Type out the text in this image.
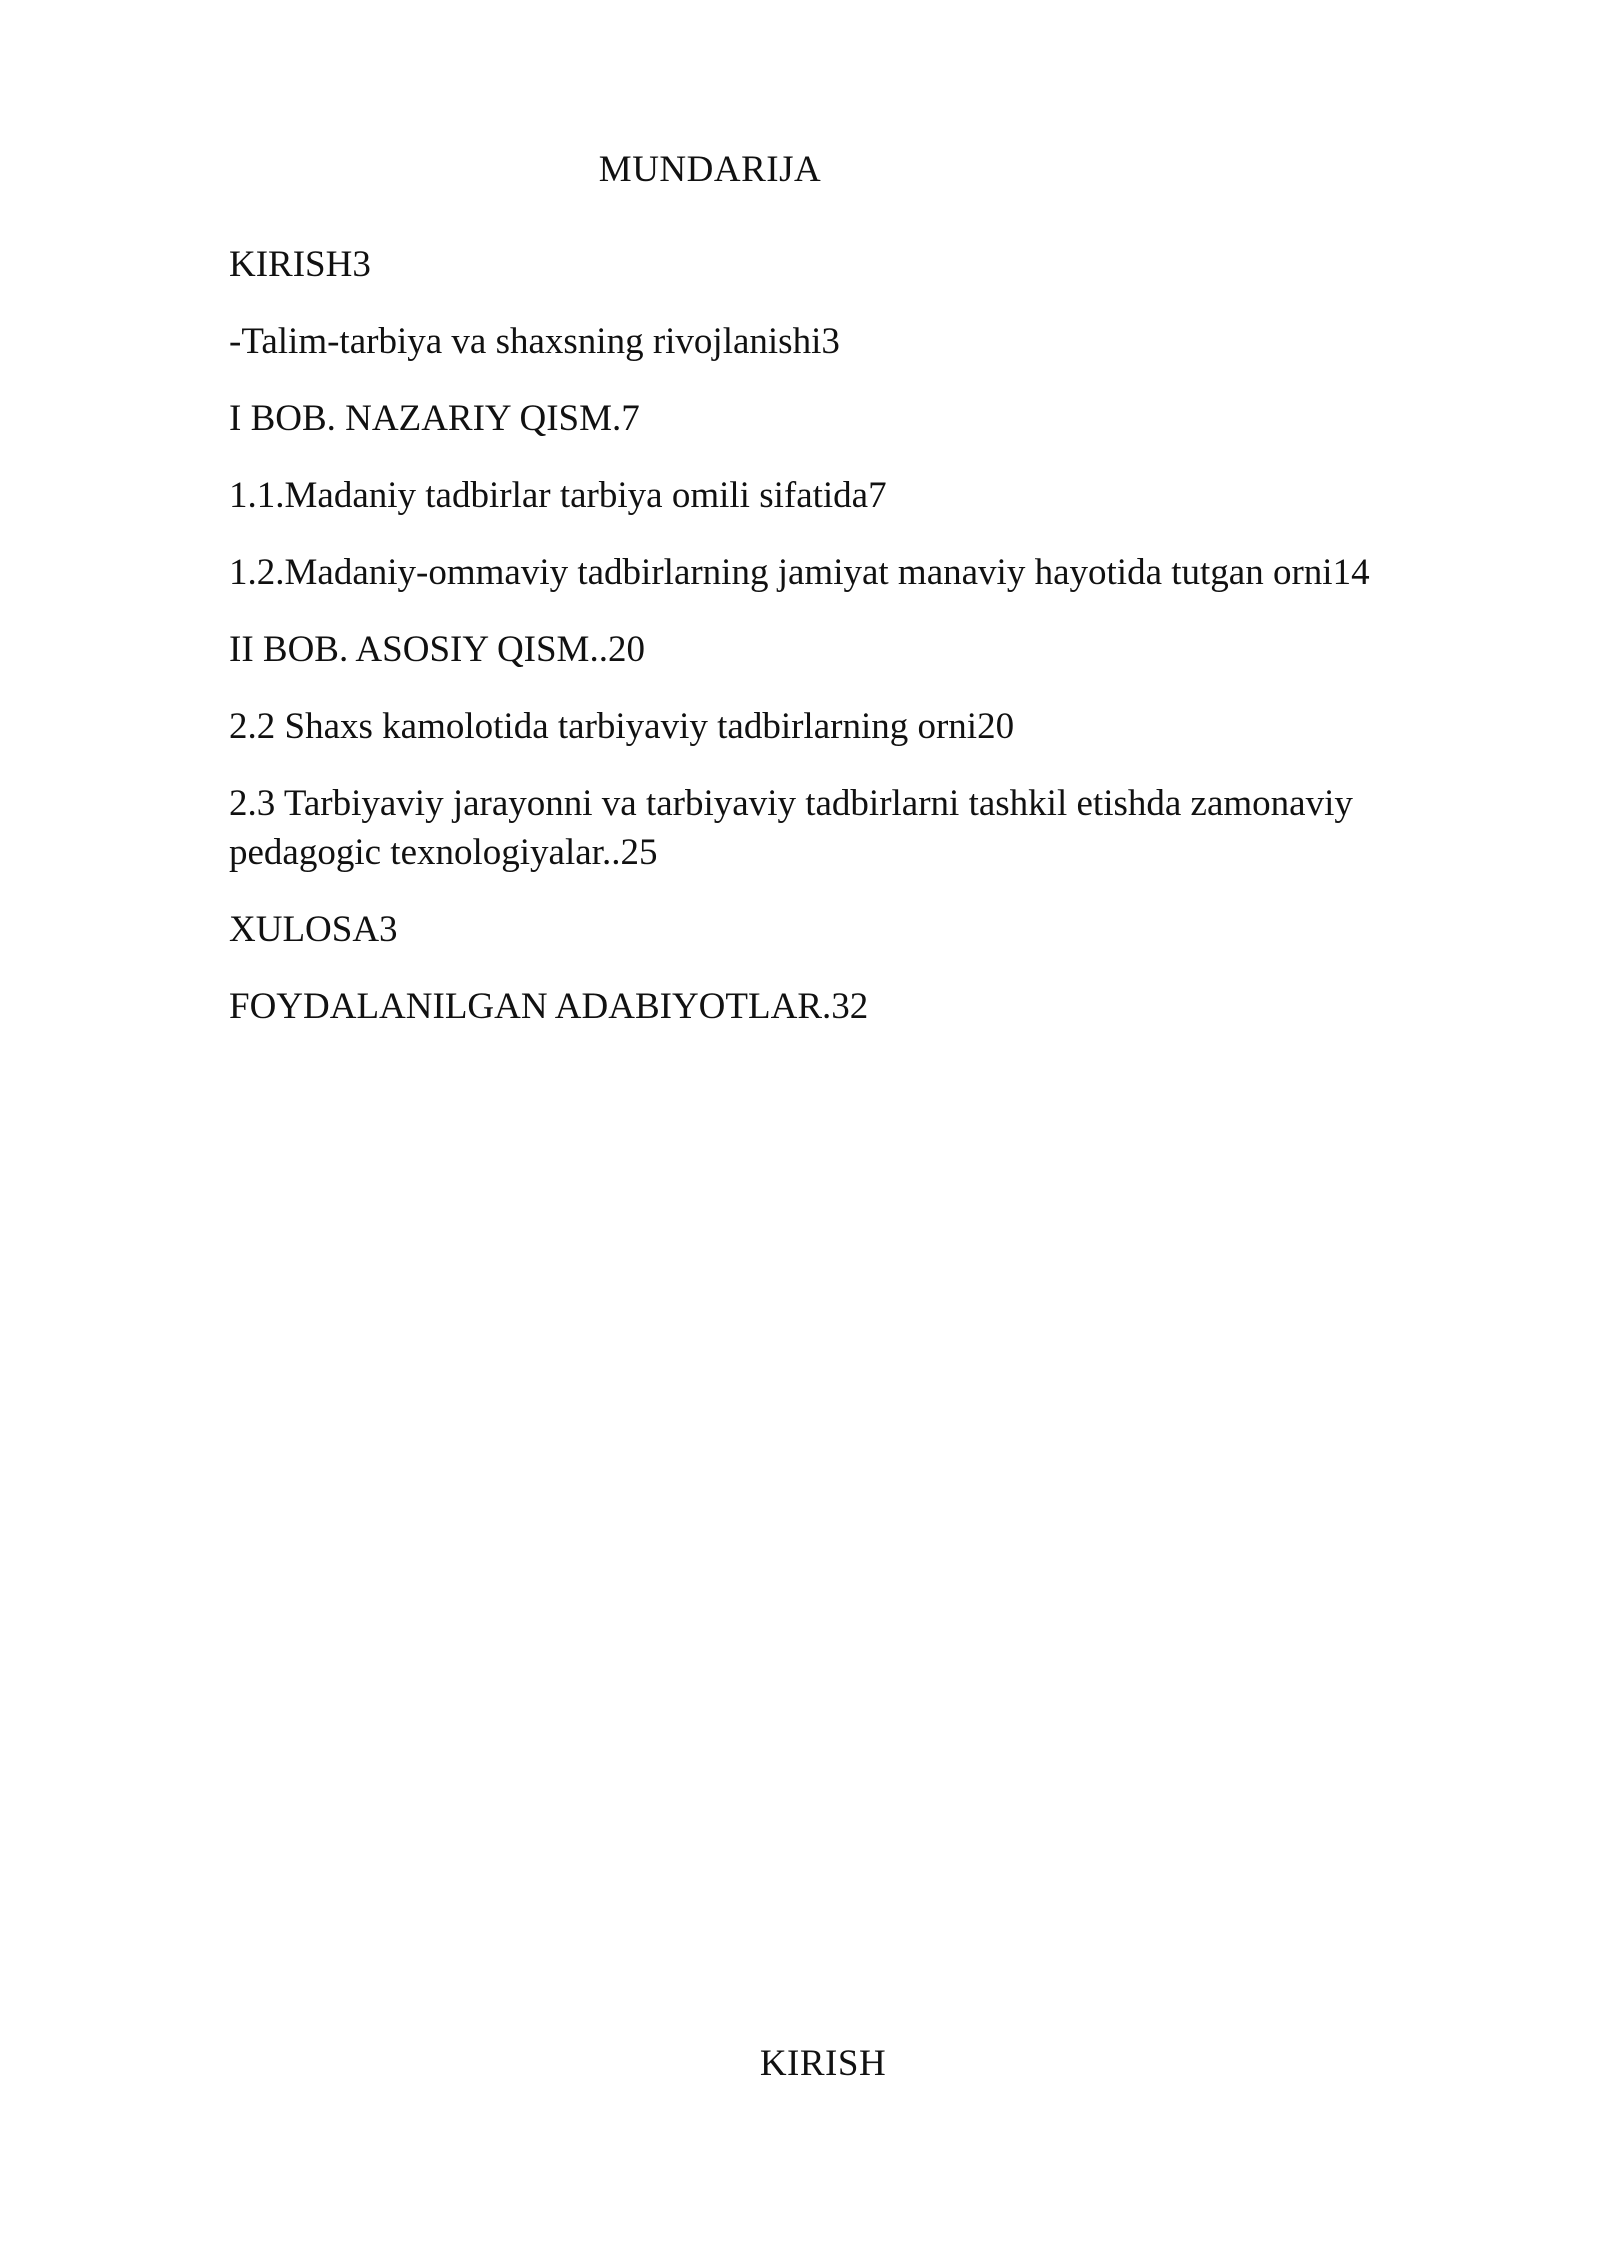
MUNDARIJA
KIRISH3
-Talim-tarbiya va shaxsning rivojlanishi3
I BOB. NAZARIY QISM.7
1.1.Madaniy tadbirlar tarbiya omili sifatida7
1.2.Madaniy-ommaviy tadbirlarning jamiyat manaviy hayotida tutgan orni14
II BOB. ASOSIY QISM..20
2.2 Shaxs kamolotida tarbiyaviy tadbirlarning orni20
2.3 Tarbiyaviy jarayonni va tarbiyaviy tadbirlarni tashkil etishda zamonaviy pedagogic texnologiyalar..25
XULOSA3
FOYDALANILGAN ADABIYOTLAR.32
KIRISH
